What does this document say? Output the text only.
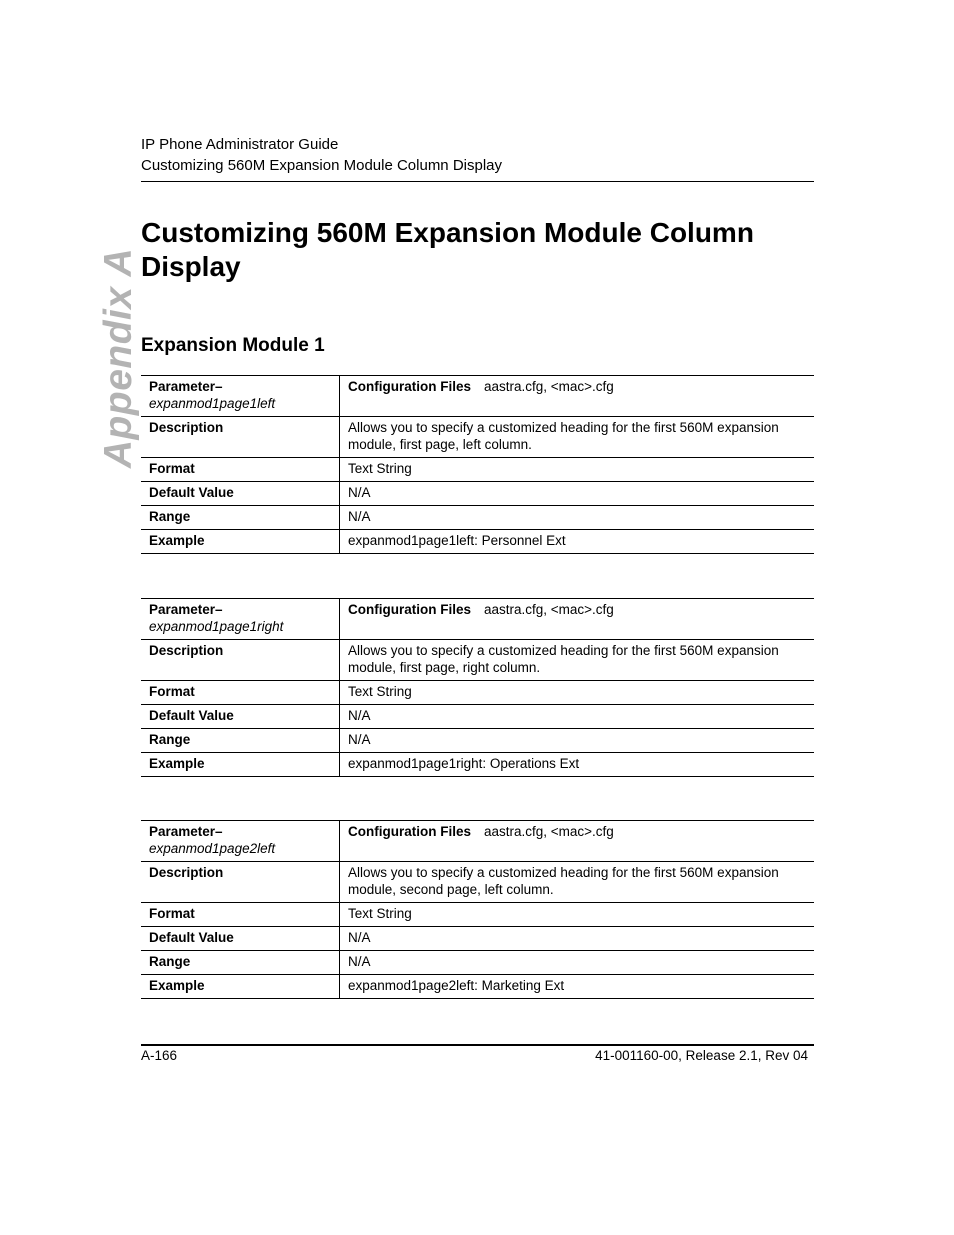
IP Phone Administrator Guide
Customizing 560M Expansion Module Column Display
Appendix A
Customizing 560M Expansion Module Column Display
Expansion Module 1
Parameter–
expanmod1page1left	Configuration Files aastra.cfg, <mac>.cfg
Description	Allows you to specify a customized heading for the first 560M expansion module, first page, left column.
Format	Text String
Default Value	N/A
Range	N/A
Example	expanmod1page1left: Personnel Ext
Parameter–
expanmod1page1right	Configuration Files aastra.cfg, <mac>.cfg
Description	Allows you to specify a customized heading for the first 560M expansion module, first page, right column.
Format	Text String
Default Value	N/A
Range	N/A
Example	expanmod1page1right: Operations Ext
Parameter–
expanmod1page2left	Configuration Files aastra.cfg, <mac>.cfg
Description	Allows you to specify a customized heading for the first 560M expansion module, second page, left column.
Format	Text String
Default Value	N/A
Range	N/A
Example	expanmod1page2left: Marketing Ext
A-166	41-001160-00, Release 2.1, Rev 04
